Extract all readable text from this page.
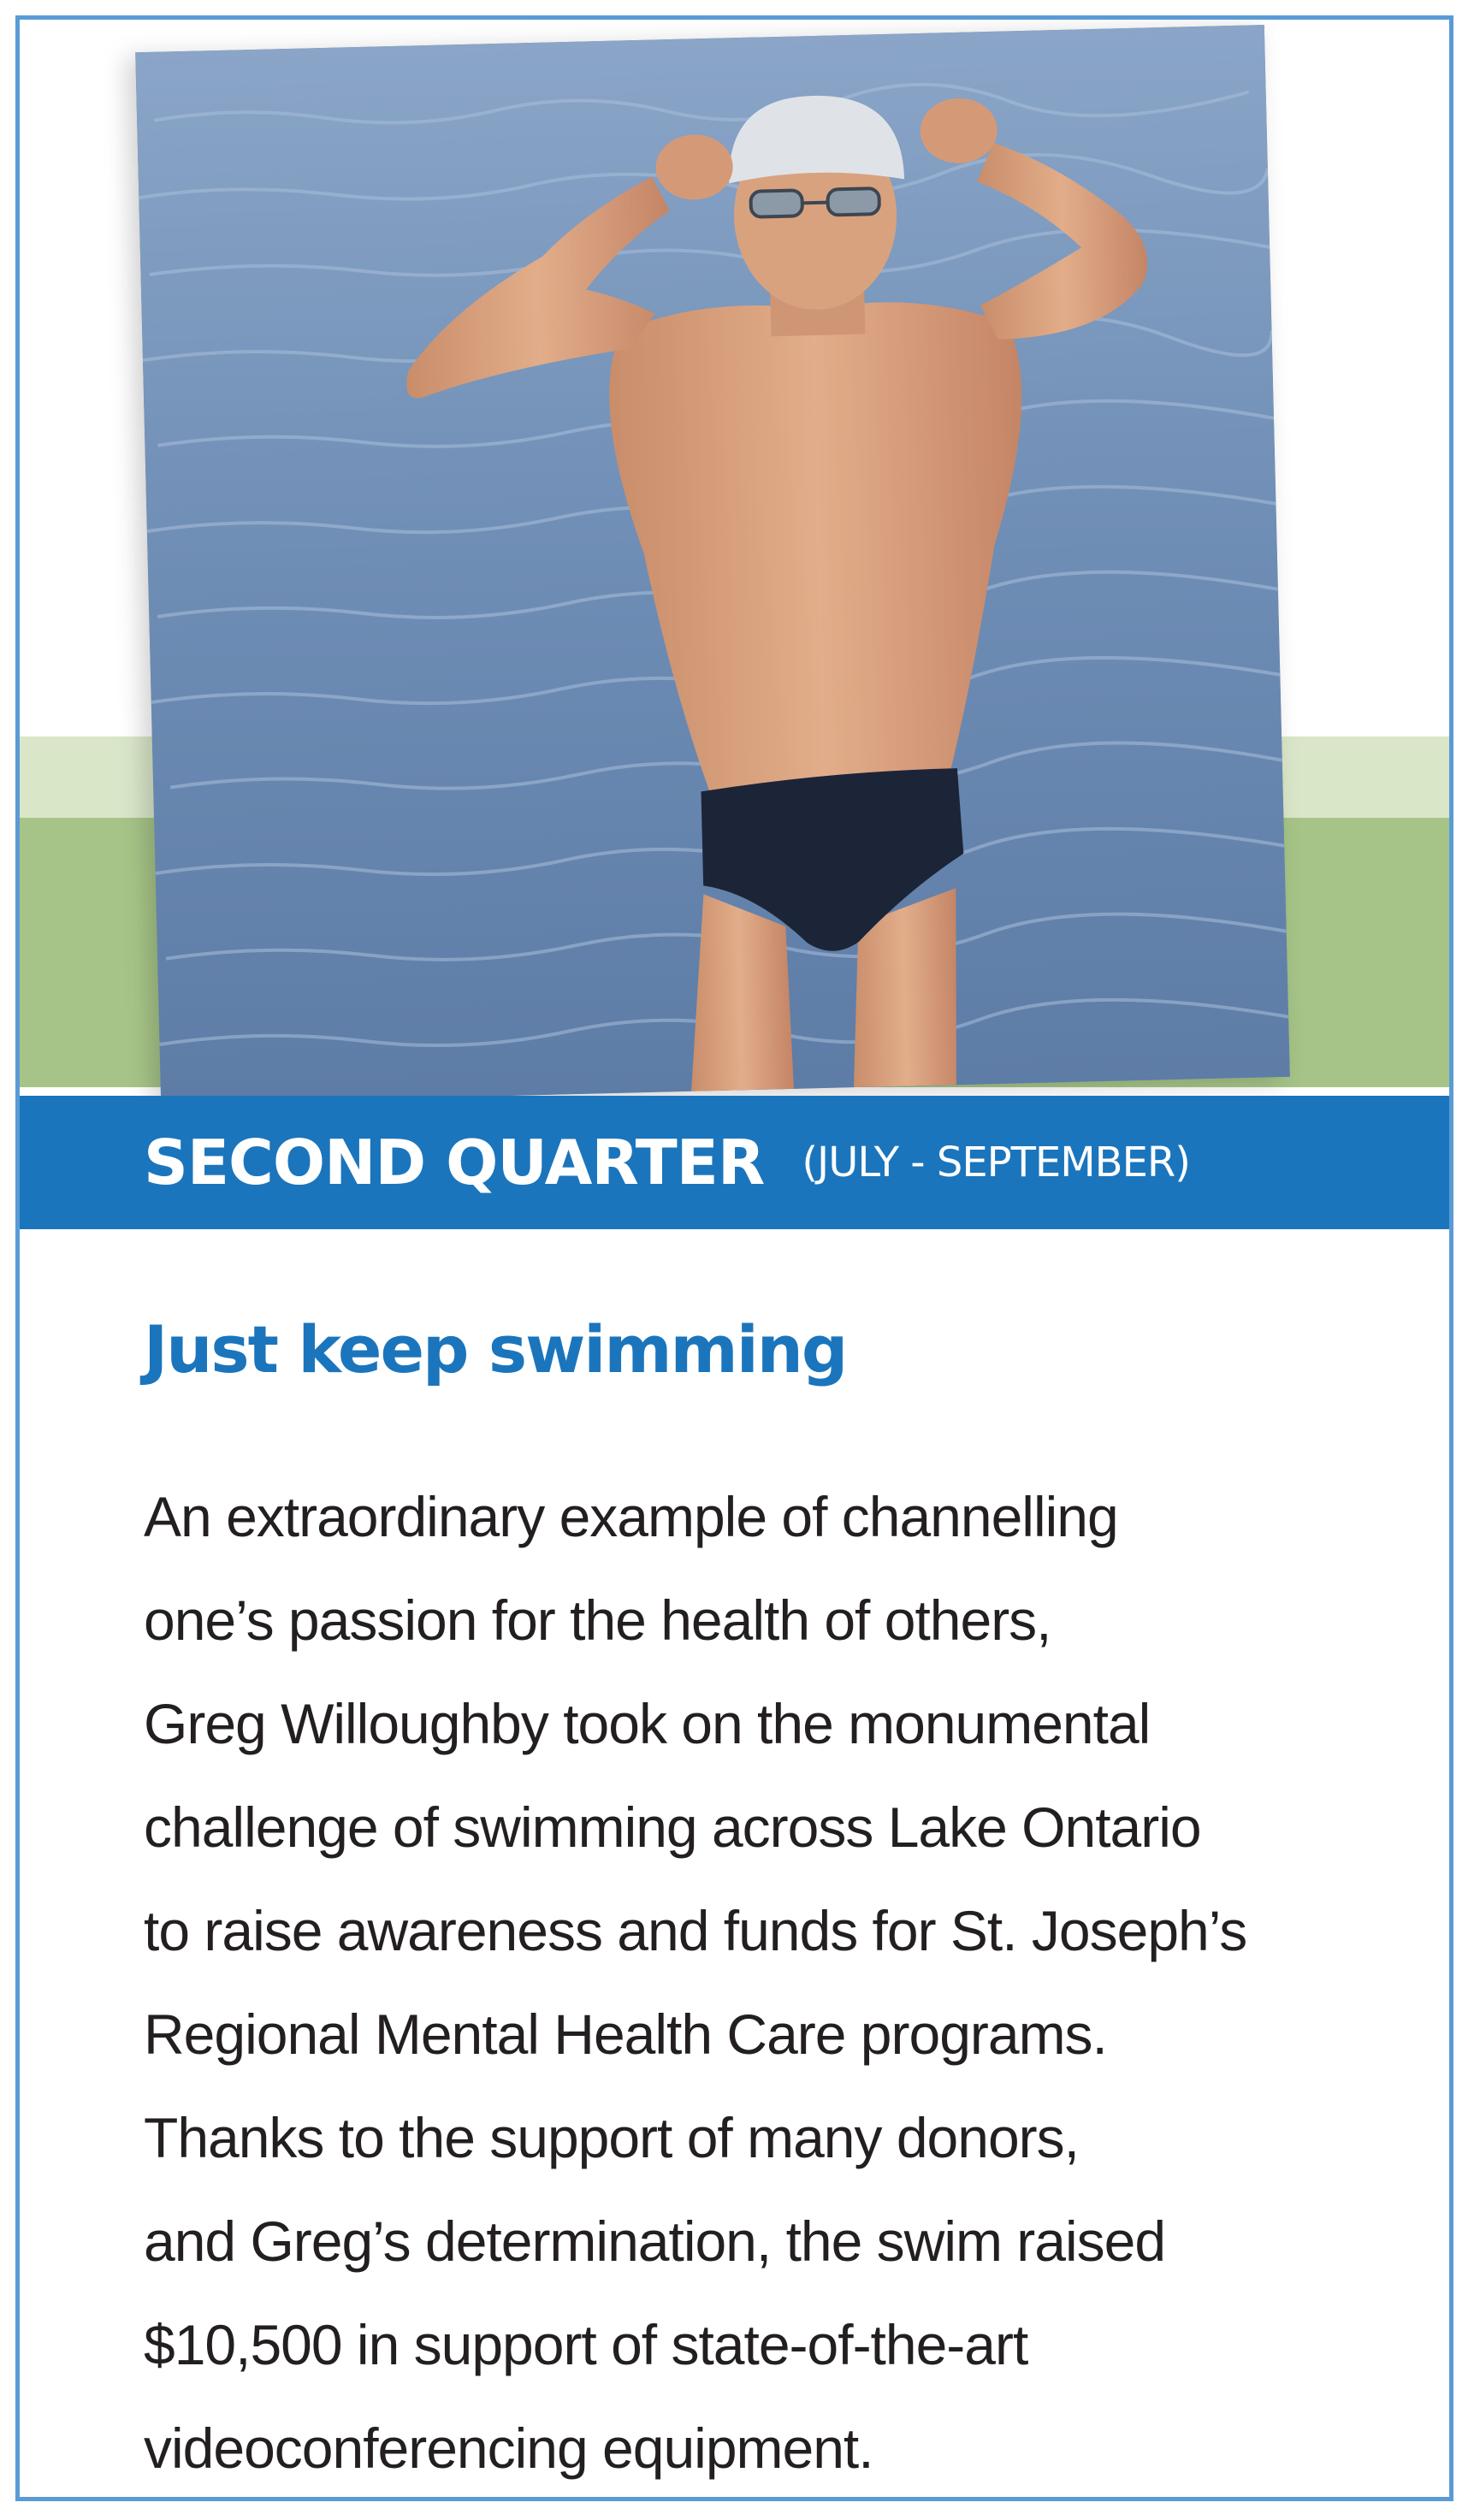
SECOND QUARTER (JULY - SEPTEMBER)
Just keep swimming

An extraordinary example of channelling
one’s passion for the health of others,
Greg Willoughby took on the monumental
challenge of swimming across Lake Ontario
to raise awareness and funds for St. Joseph’s
Regional Mental Health Care programs.
Thanks to the support of many donors,
and Greg’s determination, the swim raised
$10,500 in support of state-of-the-art
videoconferencing equipment.
